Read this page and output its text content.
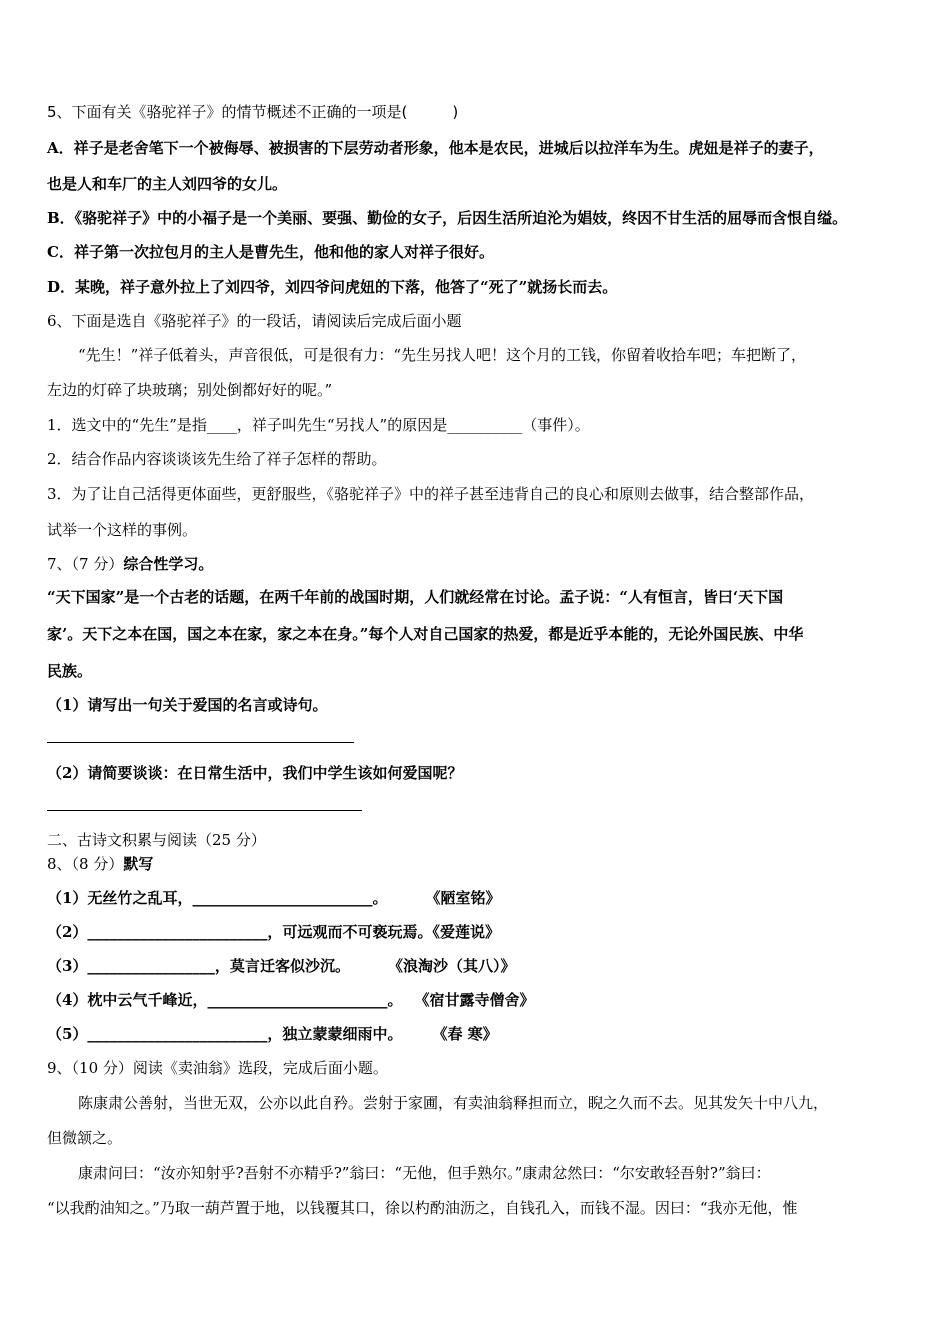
5、下面有关《骆驼祥子》的情节概述不正确的一项是(　　　)
A．祥子是老舍笔下一个被侮辱、被损害的下层劳动者形象，他本是农民，进城后以拉洋车为生。虎妞是祥子的妻子，
也是人和车厂的主人刘四爷的女儿。
B．《骆驼祥子》中的小福子是一个美丽、要强、勤俭的女子，后因生活所迫沦为娼妓，终因不甘生活的屈辱而含恨自缢。
C．祥子第一次拉包月的主人是曹先生，他和他的家人对祥子很好。
D．某晚，祥子意外拉上了刘四爷，刘四爷问虎妞的下落，他答了“死了”就扬长而去。
6、下面是选自《骆驼祥子》的一段话，请阅读后完成后面小题
“先生！”祥子低着头，声音很低，可是很有力：“先生另找人吧！这个月的工钱，你留着收拾车吧；车把断了，
左边的灯碎了块玻璃；别处倒都好好的呢。”
1．选文中的“先生”是指____，祥子叫先生“另找人”的原因是__________（事件）。
2．结合作品内容谈谈该先生给了祥子怎样的帮助。
3．为了让自己活得更体面些，更舒服些，《骆驼祥子》中的祥子甚至违背自己的良心和原则去做事，结合整部作品，
试举一个这样的事例。
7、（7 分）综合性学习。
“天下国家”是一个古老的话题，在两千年前的战国时期，人们就经常在讨论。孟子说：“人有恒言，皆曰‘天下国
家’。天下之本在国，国之本在家，家之本在身。”每个人对自己国家的热爱，都是近乎本能的，无论外国民族、中华
民族。
（1）请写出一句关于爱国的名言或诗句。
（2）请简要谈谈：在日常生活中，我们中学生该如何爱国呢？
二、古诗文积累与阅读（25 分）
8、（8 分）默写
（1）无丝竹之乱耳，________________________。	《陋室铭》
（2）________________________，可远观而不可亵玩焉。《爱莲说》
（3）_________________，莫言迁客似沙沉。	《浪淘沙（其八）》
（4）枕中云气千峰近，________________________。 《宿甘露寺僧舍》
（5）________________________，独立蒙蒙细雨中。 《春 寒》
9、（10 分）阅读《卖油翁》选段，完成后面小题。
陈康肃公善射，当世无双，公亦以此自矜。尝射于家圃，有卖油翁释担而立，睨之久而不去。见其发矢十中八九，
但微颔之。
康肃问曰：“汝亦知射乎?吾射不亦精乎?”翁曰：“无他，但手熟尔。”康肃忿然曰：“尔安敢轻吾射?”翁曰：
“以我酌油知之。”乃取一葫芦置于地，以钱覆其口，徐以杓酌油沥之，自钱孔入，而钱不湿。因曰：“我亦无他，惟
